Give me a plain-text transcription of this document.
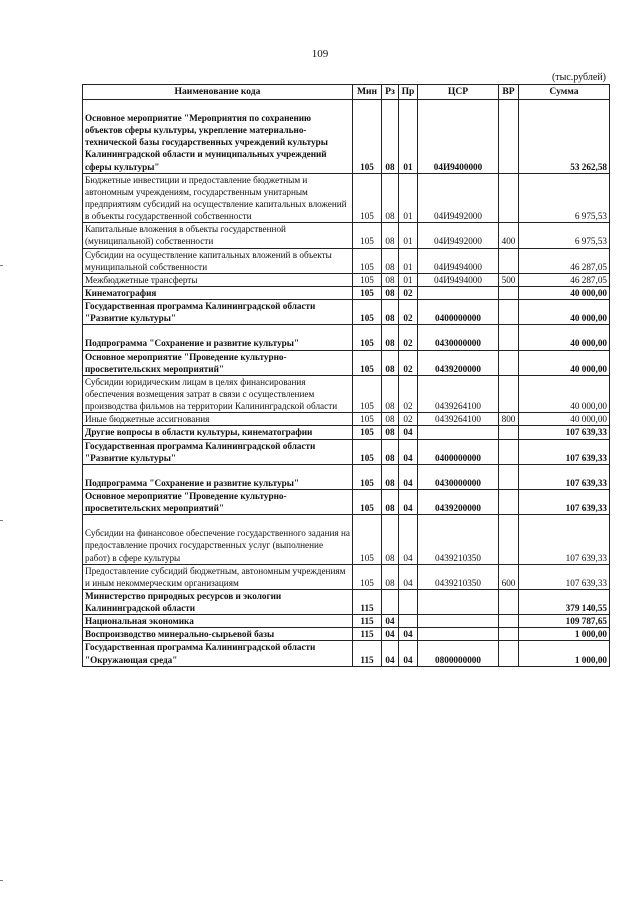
109
(тыс.рублей)
Наименование кода	Мин	Рз	Пр	ЦСР	ВР	Сумма
Основное мероприятие "Мероприятия по сохранению объектов сферы культуры, укрепление материально-технической базы государственных учреждений культуры Калининградской области и муниципальных учреждений сферы культуры"	105	08	01	04И9400000		53 262,58
Бюджетные инвестиции и предоставление бюджетным и автономным учреждениям, государственным унитарным предприятиям субсидий на осуществление капитальных вложений в объекты государственной собственности	105	08	01	04И9492000		6 975,53
Капитальные вложения в объекты государственной (муниципальной) собственности	105	08	01	04И9492000	400	6 975,53
Субсидии на осуществление капитальных вложений в объекты муниципальной собственности	105	08	01	04И9494000		46 287,05
Межбюджетные трансферты	105	08	01	04И9494000	500	46 287,05
Кинематография	105	08	02			40 000,00
Государственная программа Калининградской области "Развитие культуры"	105	08	02	0400000000		40 000,00
Подпрограмма "Сохранение и развитие культуры"	105	08	02	0430000000		40 000,00
Основное мероприятие "Проведение культурно-просветительских мероприятий"	105	08	02	0439200000		40 000,00
Субсидии юридическим лицам в целях финансирования обеспечения возмещения затрат в связи с осуществлением производства фильмов на территории Калининградской области	105	08	02	0439264100		40 000,00
Иные бюджетные ассигнования	105	08	02	0439264100	800	40 000,00
Другие вопросы в области культуры, кинематографии	105	08	04			107 639,33
Государственная программа Калининградской области "Развитие культуры"	105	08	04	0400000000		107 639,33
Подпрограмма "Сохранение и развитие культуры"	105	08	04	0430000000		107 639,33
Основное мероприятие "Проведение культурно-просветительских мероприятий"	105	08	04	0439200000		107 639,33
Субсидии на финансовое обеспечение государственного задания на предоставление прочих государственных услуг (выполнение работ) в сфере культуры	105	08	04	0439210350		107 639,33
Предоставление субсидий бюджетным, автономным учреждениям и иным некоммерческим организациям	105	08	04	0439210350	600	107 639,33
Министерство природных ресурсов и экологии Калининградской области	115					379 140,55
Национальная экономика	115	04				109 787,65
Воспроизводство минерально-сырьевой базы	115	04	04			1 000,00
Государственная программа Калининградской области "Окружающая среда"	115	04	04	0800000000		1 000,00
